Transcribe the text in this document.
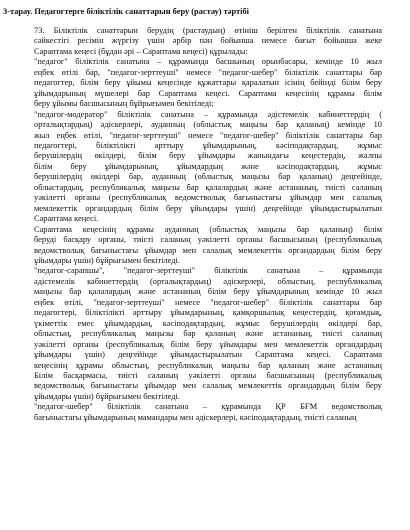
3-тарау. Педагогтерге біліктілік санаттарын беру (растау) тәртібі
73. Біліктілік санаттарын берудің (растаудың) өтініш берілген біліктілік санатына
сәйкестігі ресімін жүргізу үшін әрбір пән бойынша немесе бағыт бойынша жеке
Сараптама кеңесі (бұдан әрі – Сараптама кеңесі) құрылады:
"педагог" біліктілік санатына – құрамында басшының орынбасары, кемінде 10 жыл
еңбек өтілі бар, "педагог-зерттеуші" немесе "педагог-шебер" біліктілік санаттары бар
педагогтер, білім беру ұйымы кеңесінде құжаттары қаралатын ісінің бейінді білім беру
ұйымдарының мүшелері бар Сараптама кеңесі. Сараптама кеңесінің құрамы білім
беру ұйымы басшысының бұйрығымен бекітіледі;
"педагог-модератор" біліктілік санатына – құрамында әдістемелік кабинеттердің (
орталықтардың) әдіскерлері, ауданның (облыстық маңызы бар қаланың) кемінде 10
жыл еңбек өтілі, "педагог-зерттеуші" немесе "педагог-шебер" біліктілік санаттары бар
педагогтері, біліктілікті арттыру ұйымдарының, кәсіподақтардың, жұмыс
берушілердің өкілдері, білім беру ұйымдары жанындағы кеңестердің, жалпы
білім беру ұйымдарының, ұйымдардың және кәсіподақтардың, жұмыс
берушілердің өкілдері бар, ауданның (облыстық маңызы бар қаланың) деңгейінде,
облыстардың, республикалық маңызы бар қалалардың және астананың, тиісті саланың
уәкілетті органы (республикалық ведомстволық бағыныстағы ұйымдар мен салалық
мемлекеттік органдардың білім беру ұйымдары үшін) деңгейінде ұйымдастырылатын
Сараптама кеңесі.
Сараптама кеңесінің құрамы ауданның (облыстық маңызы бар қаланың) білім
беруді басқару органы, тиісті саланың уәкілетті органы басшысының (республикалық
ведомстволық бағыныстағы ұйымдар мен салалық мемлекеттік органдардың білім беру
ұйымдары үшін) бұйрығымен бекітіледі.
"педагог-сарапшы", "педагог-зерттеуші" біліктілік санатына – құрамында
әдістемелік кабинеттердің (орталықтардың) әдіскерлері, облыстың, республикалық
маңызы бар қалалардың және астананың білім беру ұйымдарының кемінде 10 жыл
еңбек өтілі, "педагог-зерттеуші" немесе "педагог-шебер" біліктілік санаттары бар
педагогтері, біліктілікті арттыру ұйымдарының, қамқоршылық кеңестердің, қоғамдық,
үкіметтік емес ұйымдардың, кәсіподақтардың, жұмыс берушілердің өкілдері бар,
облыстың, республикалық маңызы бар қаланың және астананың, тиісті саланың
уәкілетті органы (республикалық білім беру ұйымдары мен мемлекеттік органдардың
ұйымдары үшін) деңгейінде ұйымдастырылатын Сараптама кеңесі. Сараптама
кеңесінің құрамы облыстың, республикалық маңызы бар қаланың және астананың
Білім басқармасы, тиісті саланың уәкілетті органы басшысының (республикалық
ведомстволық бағыныстағы ұйымдар мен салалық мемлекеттік органдардың білім беру
ұйымдары үшін) бұйрығымен бекітіледі.
"педагог-шебер" біліктілік санатына – құрамында ҚР БҒМ ведомстволық
бағыныстағы ұйымдарының мамандары мен әдіскерлері, кәсіподақтардың, тиісті саланың
